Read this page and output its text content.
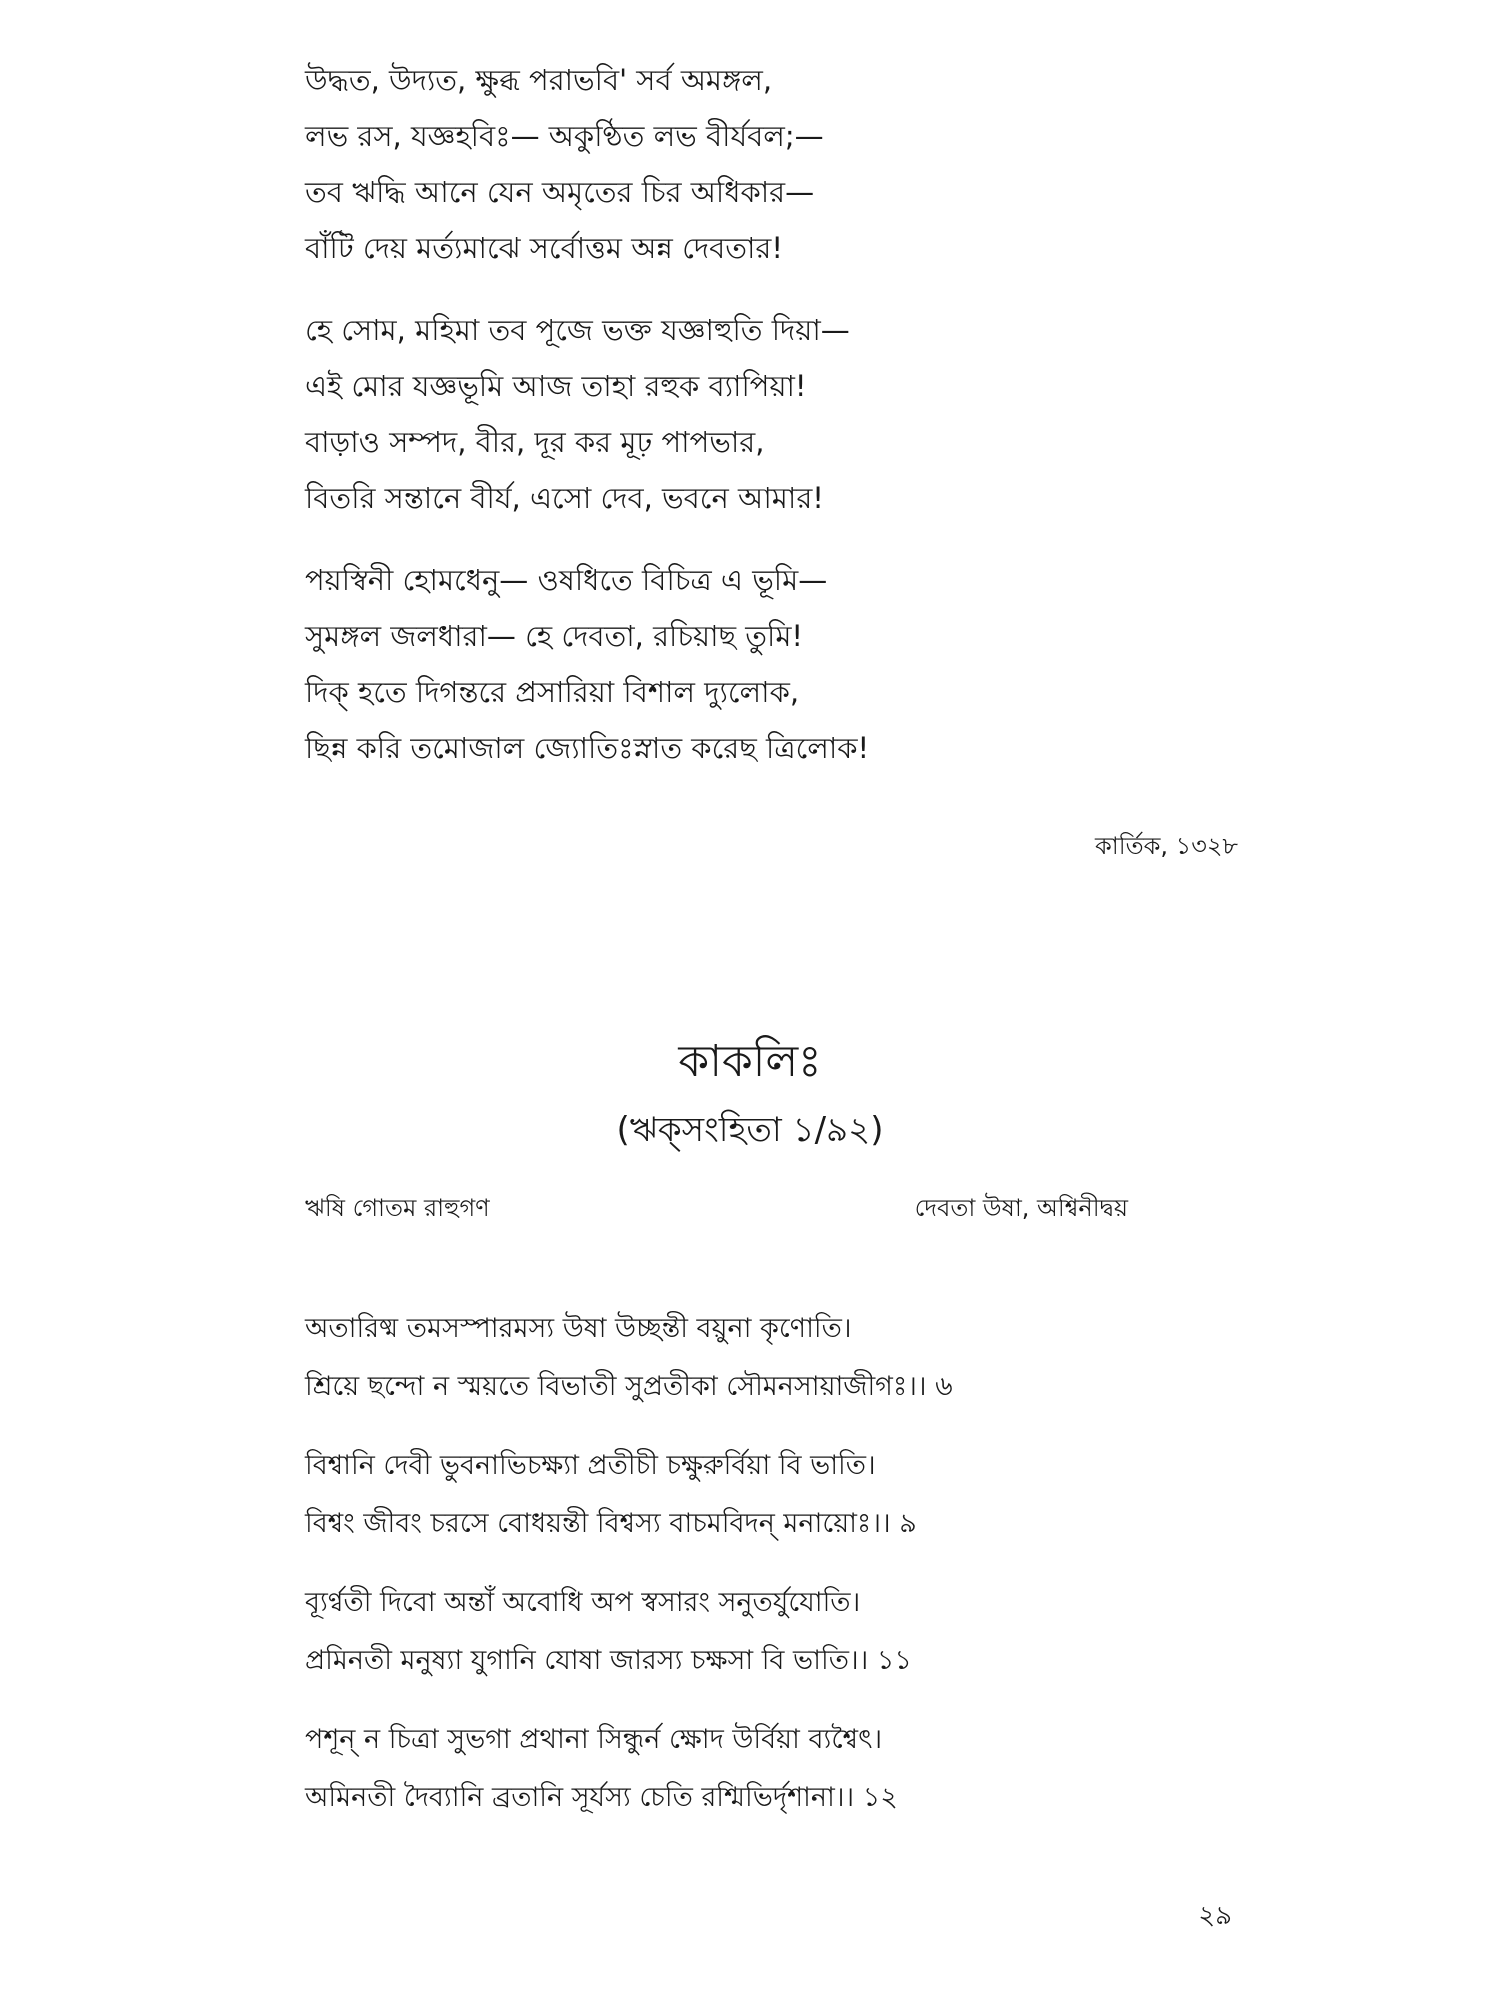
উদ্ধত, উদ্যত, ক্ষুব্ধ পরাভবি' সর্ব অমঙ্গল,
লভ রস, যজ্ঞহবিঃ— অকুণ্ঠিত লভ বীর্যবল;—
তব ঋদ্ধি আনে যেন অমৃতের চির অধিকার—
বাঁটি দেয় মর্ত্যমাঝে সর্বোত্তম অন্ন দেবতার!
হে সোম, মহিমা তব পূজে ভক্ত যজ্ঞাহুতি দিয়া—
এই মোর যজ্ঞভূমি আজ তাহা রহুক ব্যাপিয়া!
বাড়াও সম্পদ, বীর, দূর কর মূঢ় পাপভার,
বিতরি সন্তানে বীর্য, এসো দেব, ভবনে আমার!
পয়স্বিনী হোমধেনু— ওষধিতে বিচিত্র এ ভূমি—
সুমঙ্গল জলধারা— হে দেবতা, রচিয়াছ তুমি!
দিক্ হতে দিগন্তরে প্রসারিয়া বিশাল দ্যুলোক,
ছিন্ন করি তমোজাল জ্যোতিঃস্নাত করেছ ত্রিলোক!
কার্তিক, ১৩২৮
কাকলিঃ
(ঋক্‌সংহিতা ১/৯২)
ঋষি গোতম রাহুগণ	দেবতা উষা, অশ্বিনীদ্বয়
অতারিষ্ম তমসস্পারমস্য উষা উচ্ছন্তী বয়ুনা কৃণোতি।
শ্রিয়ে ছন্দো ন স্ময়তে বিভাতী সুপ্রতীকা সৌমনসায়াজীগঃ।। ৬
বিশ্বানি দেবী ভুবনাভিচক্ষ্যা প্রতীচী চক্ষুরুর্বিয়া বি ভাতি।
বিশ্বং জীবং চরসে বোধয়ন্তী বিশ্বস্য বাচমবিদন্ মনায়োঃ।। ৯
ব্যূর্ণ্বতী দিবো অন্তাঁ অবোধি অপ স্বসারং সনুতর্যুযোতি।
প্রমিনতী মনুষ্যা যুগানি যোষা জারস্য চক্ষসা বি ভাতি।। ১১
পশূন্ ন চিত্রা সুভগা প্রথানা সিন্ধুর্ন ক্ষোদ উর্বিয়া ব্যশ্বৈৎ।
অমিনতী দৈব্যানি ব্রতানি সূর্যস্য চেতি রশ্মিভির্দৃশানা।। ১২
২৯
